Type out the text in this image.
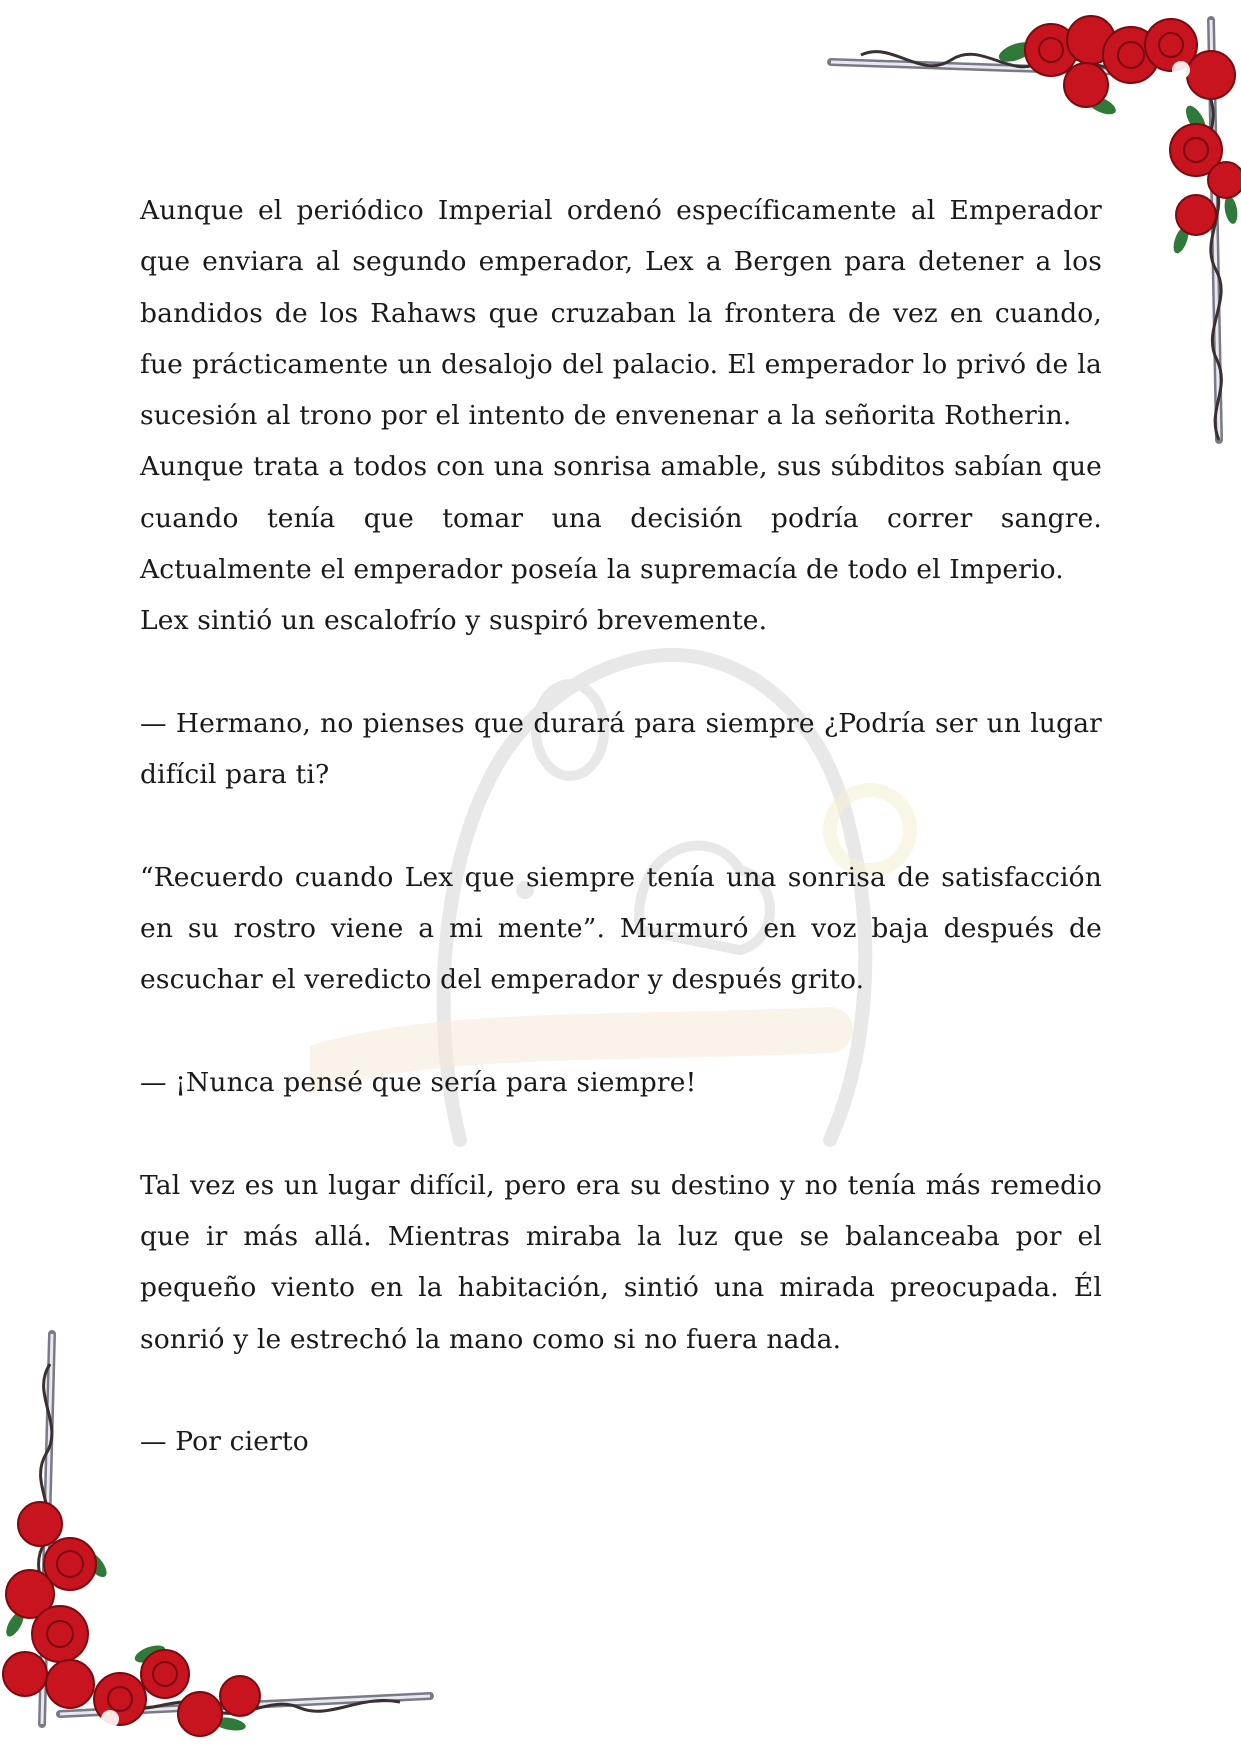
Aunque el periódico Imperial ordenó específicamente al Emperador que enviara al segundo emperador, Lex a Bergen para detener a los bandidos de los Rahaws que cruzaban la frontera de vez en cuando, fue prácticamente un desalojo del palacio. El emperador lo privó de la sucesión al trono por el intento de envenenar a la señorita Rotherin.

Aunque trata a todos con una sonrisa amable, sus súbditos sabían que cuando tenía que tomar una decisión podría correr sangre. Actualmente el emperador poseía la supremacía de todo el Imperio.

Lex sintió un escalofrío y suspiró brevemente.

— Hermano, no pienses que durará para siempre ¿Podría ser un lugar difícil para ti?

“Recuerdo cuando Lex que siempre tenía una sonrisa de satisfacción en su rostro viene a mi mente”. Murmuró en voz baja después de escuchar el veredicto del emperador y después grito.

— ¡Nunca pensé que sería para siempre!

Tal vez es un lugar difícil, pero era su destino y no tenía más remedio que ir más allá. Mientras miraba la luz que se balanceaba por el pequeño viento en la habitación, sintió una mirada preocupada. Él sonrió y le estrechó la mano como si no fuera nada.

— Por cierto
